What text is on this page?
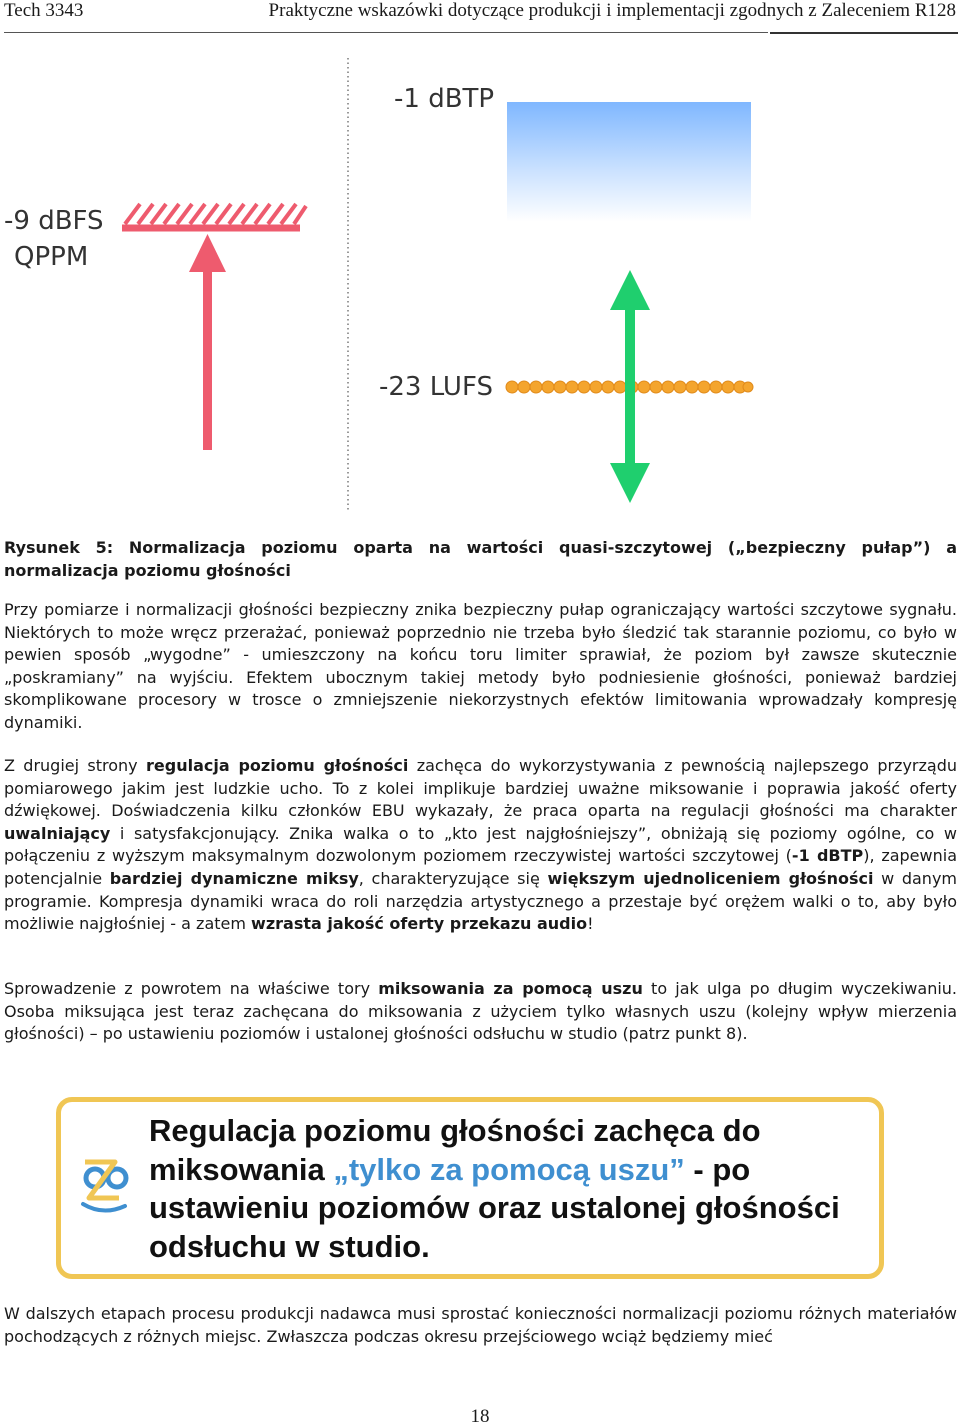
Tech 3343	Praktyczne wskazówki dotyczące produkcji i implementacji zgodnych z Zaleceniem R128
-1 dBTP
-9 dBFS
QPPM
-23 LUFS
Rysunek 5: Normalizacja poziomu oparta na wartości quasi-szczytowej („bezpieczny pułap”) a normalizacja poziomu głośności
Przy pomiarze i normalizacji głośności bezpieczny znika bezpieczny pułap ograniczający wartości szczytowe sygnału. Niektórych to może wręcz przerażać, ponieważ poprzednio nie trzeba było śledzić tak starannie poziomu, co było w pewien sposób „wygodne” - umieszczony na końcu toru limiter sprawiał, że poziom był zawsze skutecznie „poskramiany” na wyjściu. Efektem ubocznym takiej metody było podniesienie głośności, ponieważ bardziej skomplikowane procesory w trosce o zmniejszenie niekorzystnych efektów limitowania wprowadzały kompresję dynamiki.
Z drugiej strony regulacja poziomu głośności zachęca do wykorzystywania z pewnością najlepszego przyrządu pomiarowego jakim jest ludzkie ucho. To z kolei implikuje bardziej uważne miksowanie i poprawia jakość oferty dźwiękowej. Doświadczenia kilku członków EBU wykazały, że praca oparta na regulacji głośności ma charakter uwalniający i satysfakcjonujący. Znika walka o to „kto jest najgłośniejszy”, obniżają się poziomy ogólne, co w połączeniu z wyższym maksymalnym dozwolonym poziomem rzeczywistej wartości szczytowej (-1 dBTP), zapewnia potencjalnie bardziej dynamiczne miksy, charakteryzujące się większym ujednoliceniem głośności w danym programie. Kompresja dynamiki wraca do roli narzędzia artystycznego a przestaje być orężem walki o to, aby było możliwie najgłośniej - a zatem wzrasta jakość oferty przekazu audio!
Sprowadzenie z powrotem na właściwe tory miksowania za pomocą uszu to jak ulga po długim wyczekiwaniu. Osoba miksująca jest teraz zachęcana do miksowania z użyciem tylko własnych uszu (kolejny wpływ mierzenia głośności) – po ustawieniu poziomów i ustalonej głośności odsłuchu w studio (patrz punkt 8).
Regulacja poziomu głośności zachęca do miksowania „tylko za pomocą uszu” - po ustawieniu poziomów oraz ustalonej głośności odsłuchu w studio.
W dalszych etapach procesu produkcji nadawca musi sprostać konieczności normalizacji poziomu różnych materiałów pochodzących z różnych miejsc. Zwłaszcza podczas okresu przejściowego wciąż będziemy mieć
18
